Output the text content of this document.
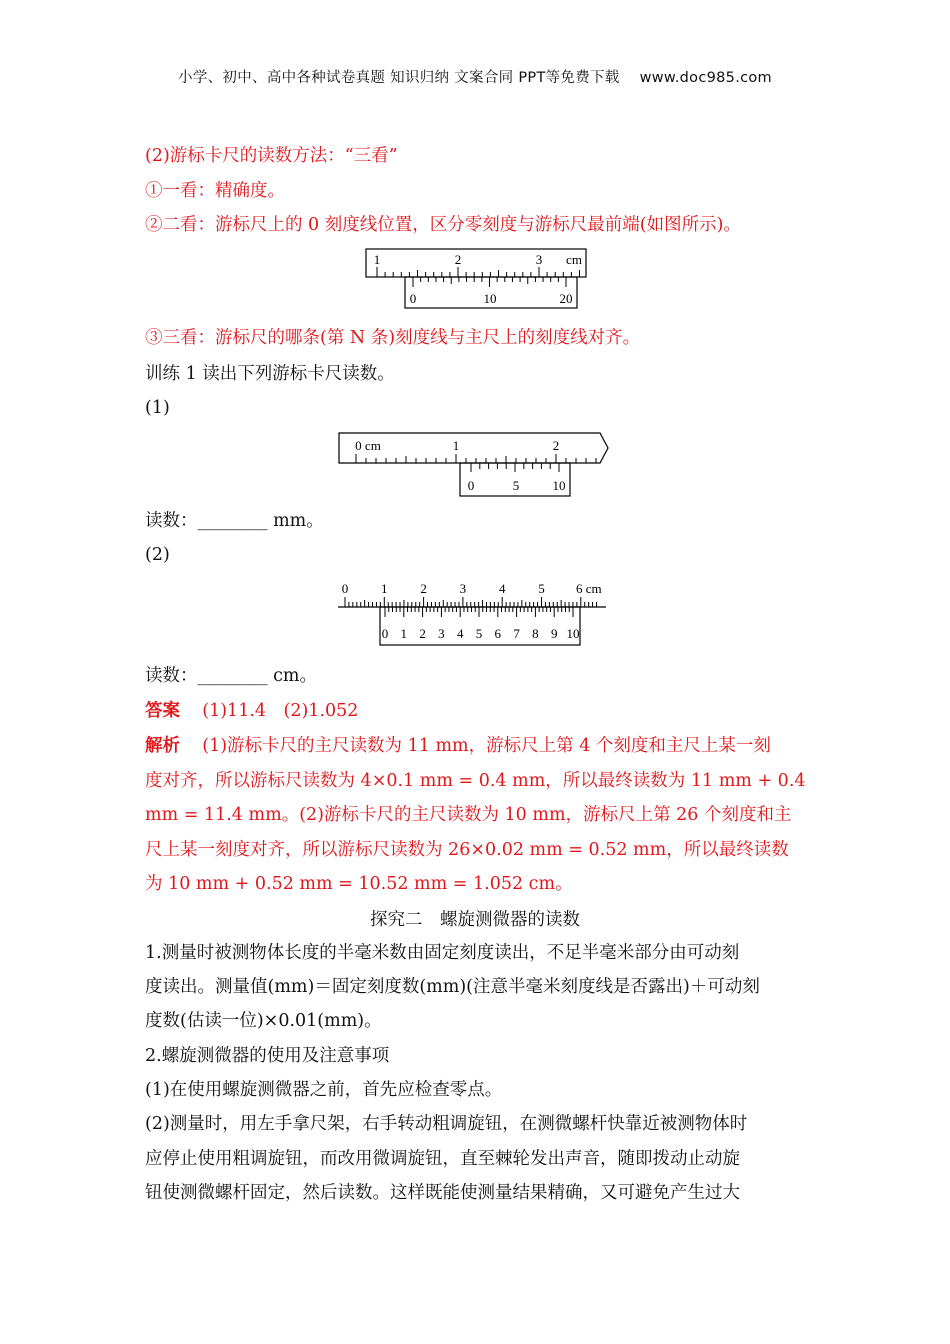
小学、初中、高中各种试卷真题 知识归纳 文案合同 PPT等免费下载 www.doc985.com
(2)游标卡尺的读数方法：“三看”
①一看：精确度。
②二看：游标尺上的 0 刻度线位置，区分零刻度与游标尺最前端(如图所示)。
1	2	3 cm
0	10	20
③三看：游标尺的哪条(第 N 条)刻度线与主尺上的刻度线对齐。
训练 1 读出下列游标卡尺读数。
(1)
0 cm	1	2
0	5	10
读数：________ mm。
(2)
0	1	2	3	4	5 6 cm
0 1 2 3 4 5 6 7 8 9 10
读数：________ cm。
答案 (1)11.4　(2)1.052
解析 (1)游标卡尺的主尺读数为 11 mm，游标尺上第 4 个刻度和主尺上某一刻
度对齐，所以游标尺读数为 4×0.1 mm = 0.4 mm，所以最终读数为 11 mm + 0.4
mm = 11.4 mm。(2)游标卡尺的主尺读数为 10 mm，游标尺上第 26 个刻度和主
尺上某一刻度对齐，所以游标尺读数为 26×0.02 mm = 0.52 mm，所以最终读数
为 10 mm + 0.52 mm = 10.52 mm = 1.052 cm。
探究二　螺旋测微器的读数
1.测量时被测物体长度的半毫米数由固定刻度读出，不足半毫米部分由可动刻
度读出。测量值(mm)＝固定刻度数(mm)(注意半毫米刻度线是否露出)＋可动刻
度数(估读一位)×0.01(mm)。
2.螺旋测微器的使用及注意事项
(1)在使用螺旋测微器之前，首先应检查零点。
(2)测量时，用左手拿尺架，右手转动粗调旋钮，在测微螺杆快靠近被测物体时
应停止使用粗调旋钮，而改用微调旋钮，直至棘轮发出声音，随即拨动止动旋
钮使测微螺杆固定，然后读数。这样既能使测量结果精确，又可避免产生过大
